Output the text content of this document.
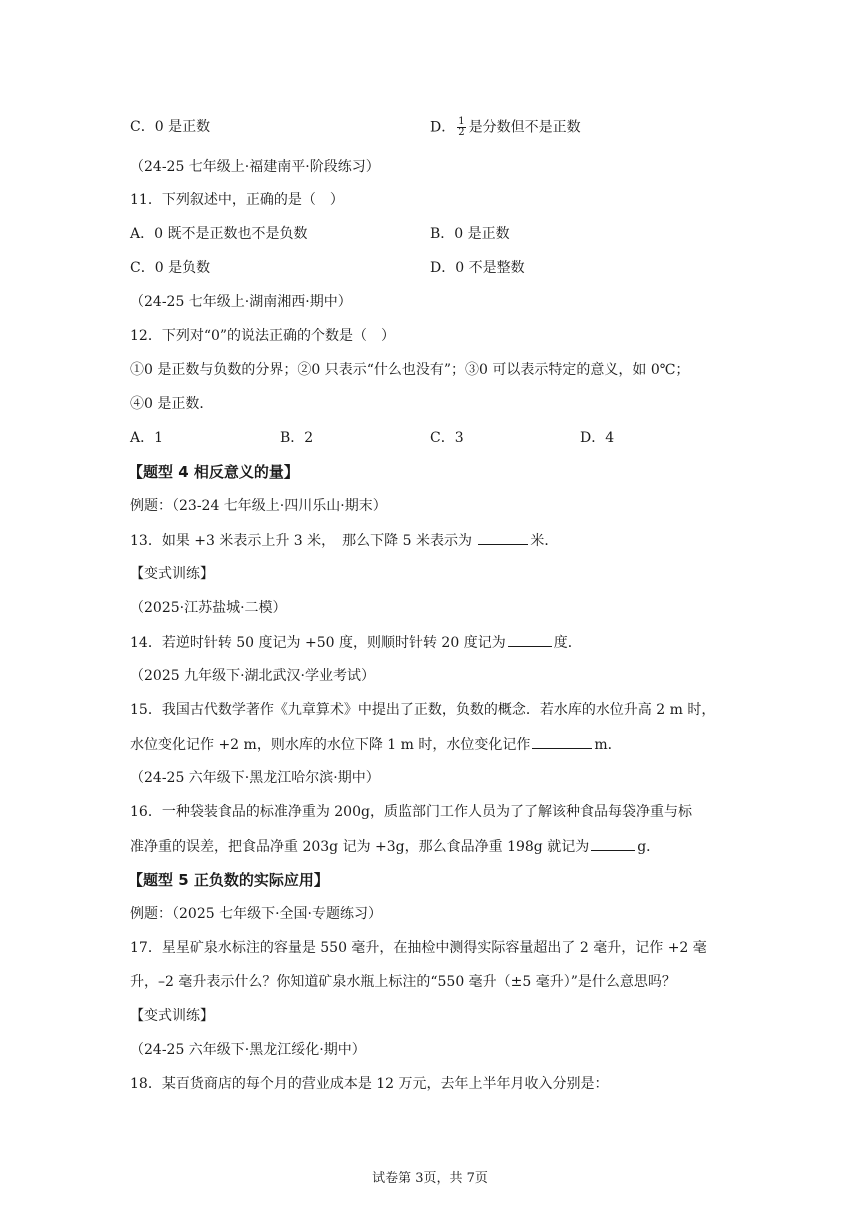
C．0 是正数	D． $\frac{1}{2}$ 是分数但不是正数
（24-25 七年级上·福建南平·阶段练习）
11．下列叙述中，正确的是（　）
A．0 既不是正数也不是负数	B．0 是正数
C．0 是负数	D．0 不是整数
（24-25 七年级上·湖南湘西·期中）
12．下列对“0”的说法正确的个数是（　）
①0 是正数与负数的分界；②0 只表示“什么也没有”；③0 可以表示特定的意义，如 0℃；
④0 是正数．
A．1	B．2	C．3	D．4
【题型 4 相反意义的量】
例题：（23-24 七年级上·四川乐山·期末）
13．如果 +3 米表示上升 3 米，　那么下降 5 米表示为	米．
【变式训练】
（2025·江苏盐城·二模）
14．若逆时针转 50 度记为 +50 度，则顺时针转 20 度记为	度．
（2025 九年级下·湖北武汉·学业考试）
15．我国古代数学著作《九章算术》中提出了正数，负数的概念．若水库的水位升高 2 m 时，
水位变化记作 +2 m，则水库的水位下降 1 m 时，水位变化记作	m．
（24-25 六年级下·黑龙江哈尔滨·期中）
16．一种袋装食品的标准净重为 200g，质监部门工作人员为了了解该种食品每袋净重与标
准净重的误差，把食品净重 203g 记为 +3g，那么食品净重 198g 就记为	g．
【题型 5 正负数的实际应用】
例题：（2025 七年级下·全国·专题练习）
17．星星矿泉水标注的容量是 550 毫升，在抽检中测得实际容量超出了 2 毫升，记作 +2 毫
升，–2 毫升表示什么？你知道矿泉水瓶上标注的“550 毫升（±5 毫升）”是什么意思吗？
【变式训练】
（24-25 六年级下·黑龙江绥化·期中）
18．某百货商店的每个月的营业成本是 12 万元，去年上半年月收入分别是：
试卷第 3页，共 7页
